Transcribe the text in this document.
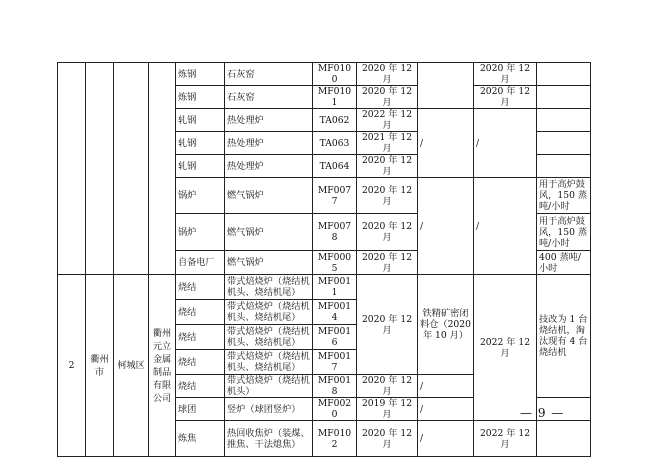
				炼钢	石灰窑	MF0100	2020 年 12 月		2020 年 12 月	
				炼钢	石灰窑	MF0101	2020 年 12 月		2020 年 12 月	
				轧钢	热处理炉	TA062	2022 年 12 月	/	/	
				轧钢	热处理炉	TA063	2021 年 12 月			
				轧钢	热处理炉	TA064	2020 年 12 月			
				锅炉	燃气锅炉	MF0077	2020 年 12 月	/	/	用于高炉鼓风，150 蒸吨/小时
				锅炉	燃气锅炉	MF0078	2020 年 12 月			用于高炉鼓风，150 蒸吨/小时
				自备电厂	燃气锅炉	MF0005	2020 年 12 月			400 蒸吨/小时
2	衢州市	柯城区	衢州元立金属制品有限公司	烧结	带式焙烧炉（烧结机机头、烧结机尾）	MF0011	2020 年 12 月	铁精矿密闭料仓（2020 年 10 月）	2022 年 12 月	技改为 1 台烧结机，淘汰现有 4 台烧结机
				烧结	带式焙烧炉（烧结机机头、烧结机尾）	MF0014				
				烧结	带式焙烧炉（烧结机机头、烧结机尾）	MF0016				
				烧结	带式焙烧炉（烧结机机头、烧结机尾）	MF0017				
				烧结	带式焙烧炉（烧结机机头）	MF0018	2020 年 12 月	/		
				球团	竖炉（球团竖炉）	MF0020	2019 年 12 月	/		
				炼焦	热回收焦炉（装煤、推焦、干法熄焦）	MF0102	2020 年 12 月	/	2022 年 12 月	
— 9 —
